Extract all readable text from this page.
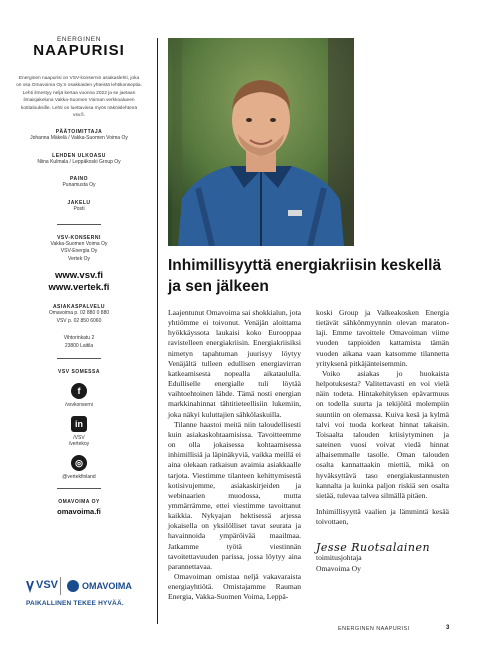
ENERGINEN
NAAPURISI
Energinen naapurisi on VSV-konsernin asiakaslehti, joka on osa Omavoima Oy:n osakkaiden yhteistä lehtikonseptia. Lehti ilmestyy neljä kertaa vuonna 2022 ja se jaetaan ilmaisjakeluna Vakka-Suomen Voiman verkkoalueen kotitalouksille. Lehti on luettavissa myös näköislehtenä vsv.fi.
PÄÄTOIMITTAJA
Johanna Mäkelä / Vakka-Suomen Voima Oy
LEHDEN ULKOASU
Niina Kulmala / Leppäkoski Group Oy
PAINO
Punamusta Oy
JAKELU
Posti
VSV-KONSERNI
Vakka-Suomen Voima Oy
VSV-Energia Oy
Vertek Oy
www.vsv.fi
www.vertek.fi
ASIAKASPALVELU
Omavoima p. 02 880 0 880
VSV p. 02 850 6060
Vihtorinkatu 2
23800 Laitila
VSV SOMESSA
f
/vsvkonserni
in
/VSV
/vertekoy
◎
@vertekfinland
OMAVOIMA OY
omavoima.fi
VSV	OMAVOIMA
PAIKALLINEN TEKEE HYVÄÄ.
Inhimillisyyttä energiakriisin keskellä ja sen jälkeen

Laajentunut Omavoima sai shokkialun, jota yhtiömme ei toivonut. Venäjän aloittama hyökkäyssota laukaisi koko Eurooppaa ravistelleen energiakriisin. Energiakriisiksi nimetyn tapahtuman juurisyy löytyy Venäjältä tulleen edullisen energiavirran katkeamisesta nopealla aikataululla. Edulliselle energialle tuli löytää vaihtoehtoinen lähde. Tämä nosti energian markkinahinnat tähtitieteellisiin lukemiin, joka näkyi kuluttajien sähkölaskuilla.

Tilanne haastoi meitä niin taloudellisesti kuin asiakaskohtaamisissa. Tavoitteemme on olla jokaisessa kohtaamisessa inhimillisiä ja läpinäkyviä, vaikka meillä ei aina olekaan ratkaisun avaimia asiakkaalle tarjota. Viestimme tilanteen kehittymisestä kotisivujemme, asiakaskirjeiden ja webinaarien muodossa, mutta ymmärrämme, ettei viestimme tavoittanut kaikkia. Nykyajan hektisessä arjessa jokaisella on yksilölliset tavat seurata ja havainnoida ympäröivää maailmaa. Jatkamme työtä viestinnän tavoitettavuuden parissa, jossa löytyy aina parannettavaa.

Omavoiman omistaa neljä vakavaraista energiayhtiötä. Omistajamme Rauman Energia, Vakka-Suomen Voima, Leppä-

koski Group ja Valkeakosken Energia tietävät sähkönmyynnin olevan maraton-laji. Emme tavoittele Omavoiman viime vuoden tappioiden kattamista tämän vuoden aikana vaan katsomme tilannetta yrityksenä pitkäjänteisemmin.

Voiko asiakas jo huokaista helpotuksesta? Valitettavasti en voi vielä näin todeta. Hintakehityksen epävarmuus on todella suurta ja tekijöitä molempiin suuntiin on olemassa. Kuiva kesä ja kylmä talvi voi tuoda korkeat hinnat takaisin. Toisaalta talouden kriisiytyminen ja sateinen vuosi voivat viedä hinnat alhaisemmalle tasolle. Oman talouden osalta kannattaakin miettiä, mikä on hyväksyttävä taso energiakustannusten kannalta ja kuinka paljon riskiä sen osalta sietää, tulevaa talvea silmällä pitäen.

Inhimillisyyttä vaalien ja lämmintä kesää toivottaen,

Jesse Ruotsalainen
toimitusjohtaja
Omavoima Oy
ENERGINEN NAAPURISI	3
